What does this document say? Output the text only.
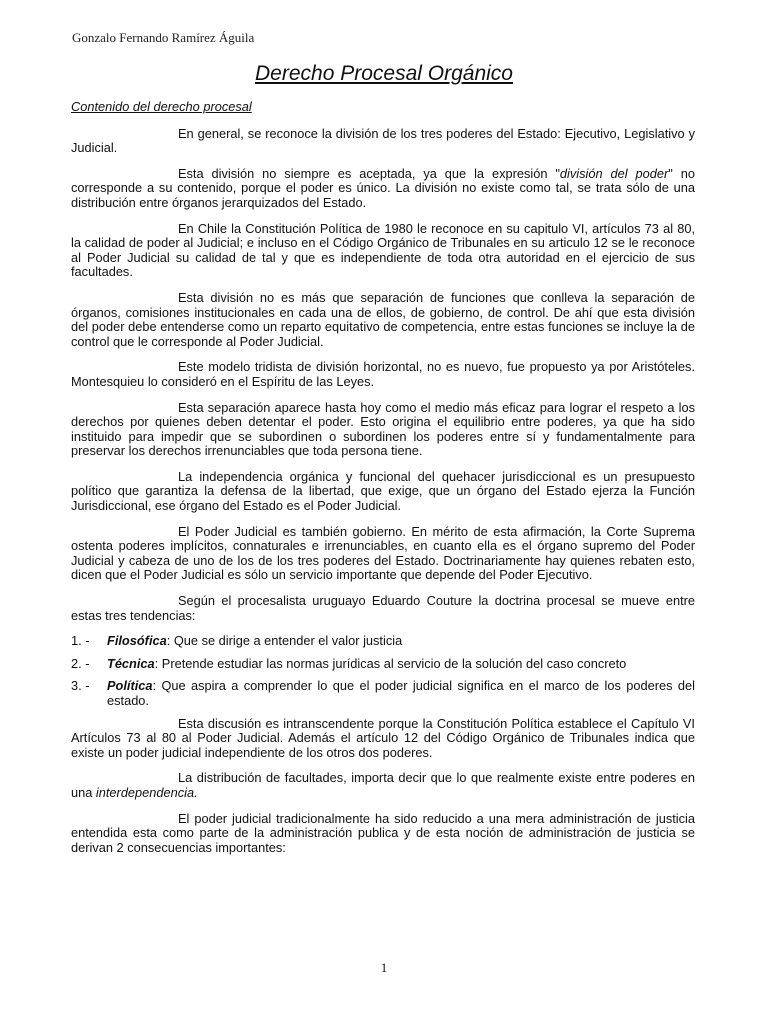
Gonzalo Fernando Ramírez Águila
Derecho Procesal Orgánico
Contenido del derecho procesal

En general, se reconoce la división de los tres poderes del Estado: Ejecutivo, Legislativo y Judicial.

Esta división no siempre es aceptada, ya que la expresión "división del poder" no corresponde a su contenido, porque el poder es único. La división no existe como tal, se trata sólo de una distribución entre órganos jerarquizados del Estado.

En Chile la Constitución Política de 1980 le reconoce en su capitulo VI, artículos 73 al 80, la calidad de poder al Judicial; e incluso en el Código Orgánico de Tribunales en su articulo 12 se le reconoce al Poder Judicial su calidad de tal y que es independiente de toda otra autoridad en el ejercicio de sus facultades.

Esta división no es más que separación de funciones que conlleva la separación de órganos, comisiones institucionales en cada una de ellos, de gobierno, de control. De ahí que esta división del poder debe entenderse como un reparto equitativo de competencia, entre estas funciones se incluye la de control que le corresponde al Poder Judicial.

Este modelo tridista de división horizontal, no es nuevo, fue propuesto ya por Aristóteles. Montesquieu lo consideró en el Espíritu de las Leyes.

Esta separación aparece hasta hoy como el medio más eficaz para lograr el respeto a los derechos por quienes deben detentar el poder. Esto origina el equilibrio entre poderes, ya que ha sido instituido para impedir que se subordinen o subordinen los poderes entre sí y fundamentalmente para preservar los derechos irrenunciables que toda persona tiene.

La independencia orgánica y funcional del quehacer jurisdiccional es un presupuesto político que garantiza la defensa de la libertad, que exige, que un órgano del Estado ejerza la Función Jurisdiccional, ese órgano del Estado es el Poder Judicial.

El Poder Judicial es también gobierno. En mérito de esta afirmación, la Corte Suprema ostenta poderes implícitos, connaturales e irrenunciables, en cuanto ella es el órgano supremo del Poder Judicial y cabeza de uno de los de los tres poderes del Estado. Doctrinariamente hay quienes rebaten esto, dicen que el Poder Judicial es sólo un servicio importante que depende del Poder Ejecutivo.

Según el procesalista uruguayo Eduardo Couture la doctrina procesal se mueve entre estas tres tendencias:

1. -	Filosófica: Que se dirige a entender el valor justicia
2. -	Técnica: Pretende estudiar las normas jurídicas al servicio de la solución del caso concreto
3. -	Política: Que aspira a comprender lo que el poder judicial significa en el marco de los poderes del estado.

Esta discusión es intranscendente porque la Constitución Política establece el Capítulo VI Artículos 73 al 80 al Poder Judicial. Además el artículo 12 del Código Orgánico de Tribunales indica que existe un poder judicial independiente de los otros dos poderes.

La distribución de facultades, importa decir que lo que realmente existe entre poderes en una interdependencia.

El poder judicial tradicionalmente ha sido reducido a una mera administración de justicia entendida esta como parte de la administración publica y de esta noción de administración de justicia se derivan 2 consecuencias importantes:

1
